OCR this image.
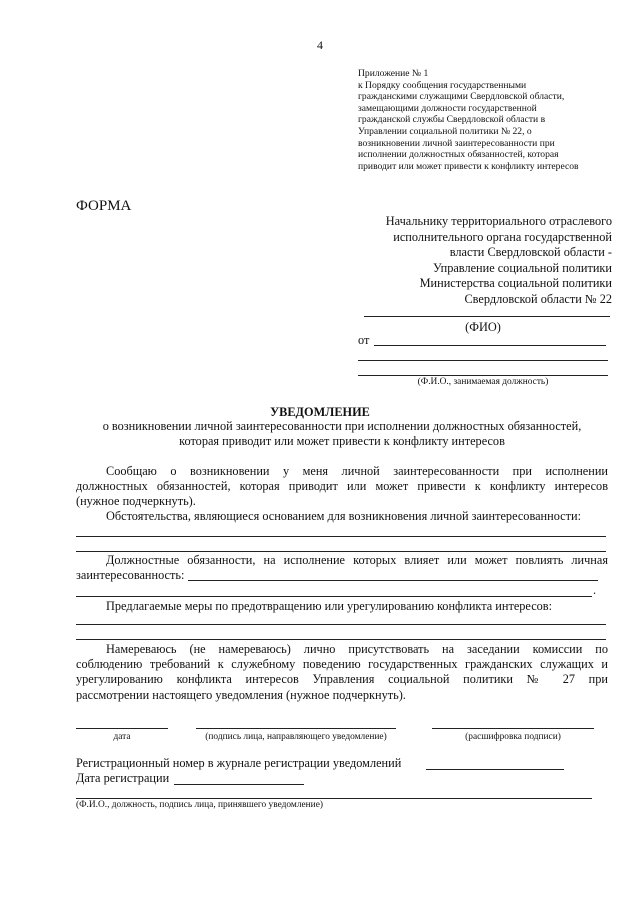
4
Приложение № 1
к Порядку сообщения государственными
гражданскими служащими Свердловской области,
замещающими должности государственной
гражданской службы Свердловской области в
Управлении социальной политики № 22, о
возникновении личной заинтересованности при
исполнении должностных обязанностей, которая
приводит или может привести к конфликту интересов
ФОРМА
Начальнику территориального отраслевого
исполнительного органа государственной
власти Свердловской области -
Управление социальной политики
Министерства социальной политики
Свердловской области № 22
(ФИО)
от
(Ф.И.О., занимаемая должность)
УВЕДОМЛЕНИЕ
о возникновении личной заинтересованности при исполнении должностных обязанностей,
которая приводит или может привести к конфликту интересов
Сообщаю о возникновении у меня личной заинтересованности при исполнении
должностных обязанностей, которая приводит или может привести к конфликту интересов
(нужное подчеркнуть).
Обстоятельства, являющиеся основанием для возникновения личной заинтересованности:
Должностные обязанности, на исполнение которых влияет или может повлиять личная
заинтересованность:
.
Предлагаемые меры по предотвращению или урегулированию конфликта интересов:
Намереваюсь (не намереваюсь) лично присутствовать на заседании комиссии по
соблюдению требований к служебному поведению государственных гражданских служащих и
урегулированию конфликта интересов Управления социальной политики № 27 при
рассмотрении настоящего уведомления (нужное подчеркнуть).
дата	(подпись лица, направляющего уведомление)	(расшифровка подписи)
Регистрационный номер в журнале регистрации уведомлений
Дата регистрации
(Ф.И.О., должность, подпись лица, принявшего уведомление)
